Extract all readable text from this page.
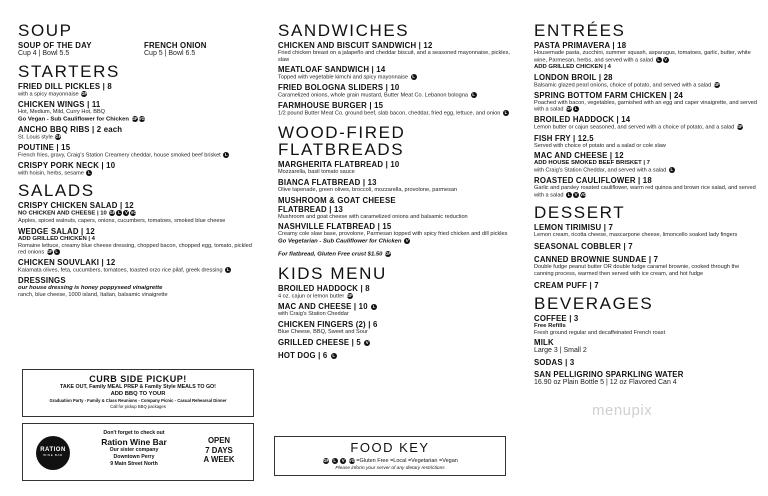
SOUP
SOUP OF THE DAY
Cup 4 | Bowl 5.5
FRENCH ONION
Cup 5 | Bowl 6.5
STARTERS
FRIED DILL PICKLES | 8
with a spicy mayonnaise GF
CHICKEN WINGS | 11
Hot, Medium, Mild, Curry Hot, BBQ
Go Vegan - Sub Cauliflower for Chicken GFVG
ANCHO BBQ RIBS | 2 each
St. Louis style GF
POUTINE | 15
French fries, gravy, Craig's Station Creamery cheddar, house smoked beef brisket L
CRISPY PORK NECK | 10
with hoisin, herbs, sesame L
SALADS
CRISPY CHICKEN SALAD | 12
NO CHICKEN AND CHEESE | 10 GF L V VG
Apples, spiced walnuts, capers, onions, cucumbers, tomatoes, smoked blue cheese
WEDGE SALAD | 12
ADD GRILLED CHICKEN | 4
Romaine lettuce, creamy blue cheese dressing, chopped bacon, chopped egg, tomato, pickled red onions GF L
CHICKEN SOUVLAKI | 12
Kalamata olives, feta, cucumbers, tomatoes, toasted orzo rice pilaf, greek dressing L
DRESSINGS
our house dressing is honey poppyseed vinaigrette
ranch, blue cheese, 1000 island, Italian, balsamic vinaigrette
CURB SIDE PICKUP!
TAKE OUT, Family MEAL PREP & Family Style MEALS TO GO!
ADD BBQ TO YOUR
Graduation Party - Family & Class Reunions - Company Picnic - Casual Rehearsal Dinner
Call for pickup BBQ packages
RATION
WINE BAR
Don't forget to check out
Ration Wine Bar
Our sister company
Downtown Perry
9 Main Street North
OPEN
7 DAYS
A WEEK
SANDWICHES
CHICKEN AND BISCUIT SANDWICH | 12
Fried chicken breast on a jalapeño and cheddar biscuit, and a seasoned mayonnaise, pickles, slaw
MEATLOAF SANDWICH | 14
Topped with vegetable kimchi and spicy mayonnaise L
FRIED BOLOGNA SLIDERS | 10
Caramelized onions, whole grain mustard, Butter Meat Co. Lebanon bologna L
FARMHOUSE BURGER | 15
1/2 pound Butter Meat Co. ground beef, slab bacon, cheddar, fried egg, lettuce, and onion L
WOOD-FIRED
FLATBREADS
MARGHERITA FLATBREAD | 10
Mozzarella, basil tomato sauce
BIANCA FLATBREAD | 13
Olive tapenade, green olives, broccoli, mozzarella, provolone, parmesan
MUSHROOM & GOAT CHEESE
FLATBREAD | 13
Mushroom and goat cheese with caramelized onions and balsamic reduction
NASHVILLE FLATBREAD | 15
Creamy cole slaw base, provolone, Parmesan topped with spicy fried chicken and dill pickles
Go Vegetarian - Sub Cauliflower for Chicken V
For flatbread, Gluten Free crust $1.50 GF
KIDS MENU
BROILED HADDOCK | 8
4 oz. cajun or lemon butter GF
MAC AND CHEESE | 10 L
with Craig's Station Cheddar
CHICKEN FINGERS (2) | 6
Blue Cheese, BBQ, Sweet and Sour
GRILLED CHEESE | 5 V
HOT DOG | 6 L
FOOD KEY
GF L V VG =Gluten Free =Local =Vegetarian =Vegan
Please inform your server of any dietary restrictions
ENTRÉES
PASTA PRIMAVERA | 18
Housemade pasta, zucchini, summer squash, asparagus, tomatoes, garlic, butter, white wine, Parmesan, herbs, and served with a salad L V
ADD GRILLED CHICKEN | 4
LONDON BROIL | 28
Balsamic glazed pearl onions, choice of potato, and served with a salad GF
SPRING BOTTOM FARM CHICKEN | 24
Poached with bacon, vegetables, garnished with an egg and caper vinaigrette, and served with a salad GF L
BROILED HADDOCK | 14
Lemon butter or cajun seasoned, and served with a choice of potato, and a salad GF
FISH FRY | 12.5
Served with choice of potato and a salad or cole slaw
MAC AND CHEESE | 12
ADD HOUSE SMOKED BEEF BRISKET | 7
with Craig's Station Cheddar, and served with a salad L
ROASTED CAULIFLOWER | 18
Garlic and parsley roasted cauliflower, warm red quinoa and brown rice salad, and served with a salad L V VG
DESSERT
LEMON TIRIMISU | 7
Lemon cream, ricotta cheese, mascarpone cheese, limoncello soaked lady fingers
SEASONAL COBBLER | 7
CANNED BROWNIE SUNDAE | 7
Double fudge peanut butter OR double fudge caramel brownie, cooked through the canning process, warmed then served with ice cream, and hot fudge
CREAM PUFF | 7
BEVERAGES
COFFEE | 3
Free Refills
Fresh ground regular and decaffeinated French roast
MILK
Large 3 | Small 2
SODAS | 3
SAN PELLIGRINO SPARKLING WATER
16.90 oz Plain Bottle 5 | 12 oz Flavored Can 4
menupix
